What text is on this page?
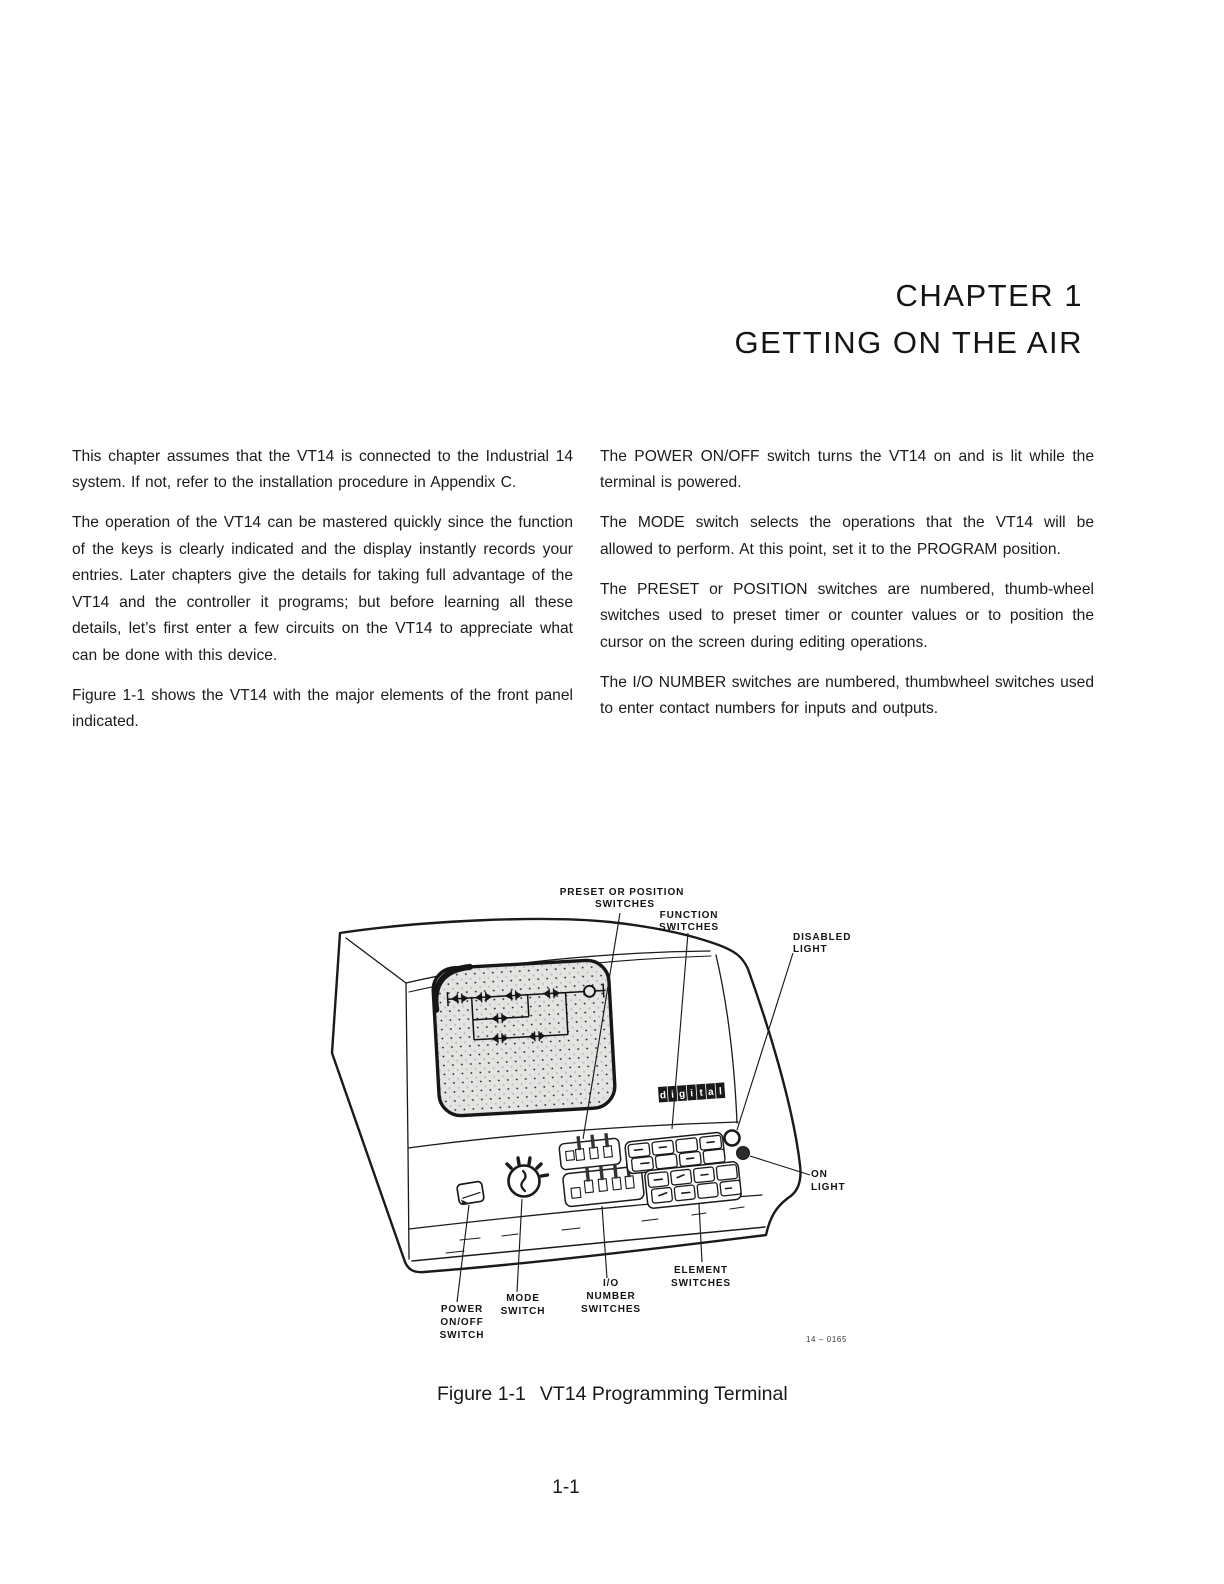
CHAPTER 1
GETTING ON THE AIR

This chapter assumes that the VT14 is connected to the Industrial 14 system. If not, refer to the installation procedure in Appendix C.

The operation of the VT14 can be mastered quickly since the function of the keys is clearly indicated and the display instantly records your entries. Later chapters give the details for taking full advantage of the VT14 and the controller it programs; but before learning all these details, let’s first enter a few circuits on the VT14 to appreciate what can be done with this device.

Figure 1-1 shows the VT14 with the major elements of the front panel indicated.

The POWER ON/OFF switch turns the VT14 on and is lit while the terminal is powered.

The MODE switch selects the operations that the VT14 will be allowed to perform. At this point, set it to the PROGRAM position.

The PRESET or POSITION switches are numbered, thumb-wheel switches used to preset timer or counter values or to position the cursor on the screen during editing operations.

The I/O NUMBER switches are numbered, thumbwheel switches used to enter contact numbers for inputs and outputs.

d i g i t a l
PRESET OR POSITION
SWITCHES
FUNCTION
SWITCHES
DISABLED
LIGHT
ON
LIGHT
ELEMENT
SWITCHES
I/O
NUMBER
SWITCHES
MODE
SWITCH
POWER
ON/OFF
SWITCH	14 – 0165
Figure 1-1 VT14 Programming Terminal
1-1
